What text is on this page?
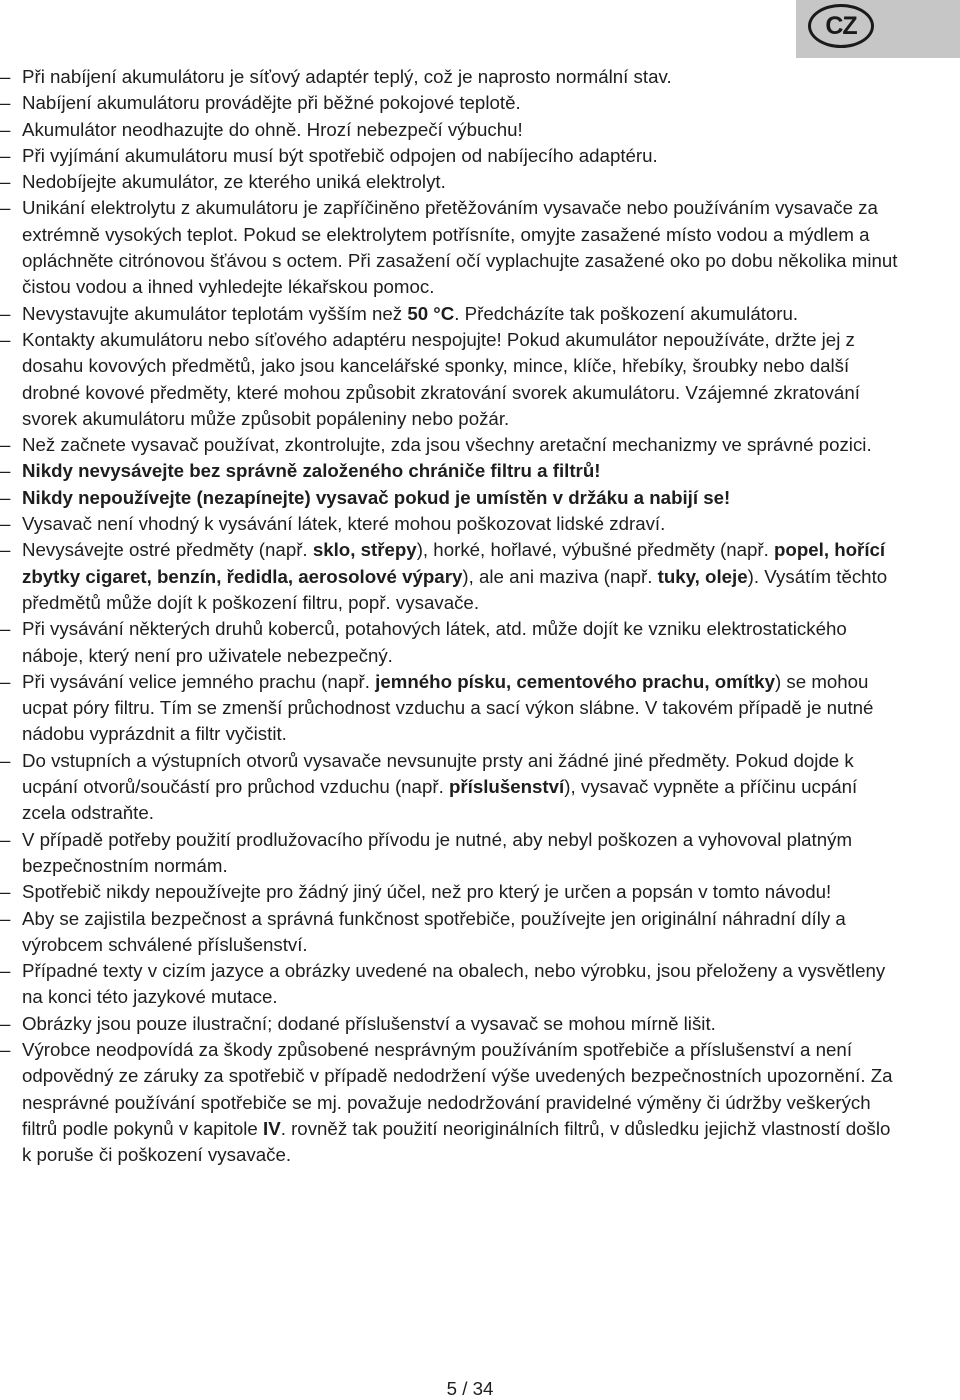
CZ
– Při nabíjení akumulátoru je síťový adaptér teplý, což je naprosto normální stav.
– Nabíjení akumulátoru provádějte při běžné pokojové teplotě.
– Akumulátor neodhazujte do ohně. Hrozí nebezpečí výbuchu!
– Při vyjímání akumulátoru musí být spotřebič odpojen od nabíjecího adaptéru.
– Nedobíjejte akumulátor, ze kterého uniká elektrolyt.
– Unikání elektrolytu z akumulátoru je zapříčiněno přetěžováním vysavače nebo používáním vysavače za extrémně vysokých teplot. Pokud se elektrolytem potřísníte, omyjte zasažené místo vodou a mýdlem a opláchněte citrónovou šťávou s octem. Při zasažení očí vyplachujte zasažené oko po dobu několika minut čistou vodou a ihned vyhledejte lékařskou pomoc.
– Nevystavujte akumulátor teplotám vyšším než 50 °C. Předcházíte tak poškození akumulátoru.
– Kontakty akumulátoru nebo síťového adaptéru nespojujte! Pokud akumulátor nepoužíváte, držte jej z dosahu kovových předmětů, jako jsou kancelářské sponky, mince, klíče, hřebíky, šroubky nebo další drobné kovové předměty, které mohou způsobit zkratování svorek akumulátoru. Vzájemné zkratování svorek akumulátoru může způsobit popáleniny nebo požár.
– Než začnete vysavač používat, zkontrolujte, zda jsou všechny aretační mechanizmy ve správné pozici.
– Nikdy nevysávejte bez správně založeného chrániče filtru a filtrů!
– Nikdy nepoužívejte (nezapínejte) vysavač pokud je umístěn v držáku a nabijí se!
– Vysavač není vhodný k vysávání látek, které mohou poškozovat lidské zdraví.
– Nevysávejte ostré předměty (např. sklo, střepy), horké, hořlavé, výbušné předměty (např. popel, hořící zbytky cigaret, benzín, ředidla, aerosolové výpary), ale ani maziva (např. tuky, oleje). Vysátím těchto předmětů může dojít k poškození filtru, popř. vysavače.
– Při vysávání některých druhů koberců, potahových látek, atd. může dojít ke vzniku elektrostatického náboje, který není pro uživatele nebezpečný.
– Při vysávání velice jemného prachu (např. jemného písku, cementového prachu, omítky) se mohou ucpat póry filtru. Tím se zmenší průchodnost vzduchu a sací výkon slábne. V takovém případě je nutné nádobu vyprázdnit a filtr vyčistit.
– Do vstupních a výstupních otvorů vysavače nevsunujte prsty ani žádné jiné předměty. Pokud dojde k ucpání otvorů/součástí pro průchod vzduchu (např. příslušenství), vysavač vypněte a příčinu ucpání zcela odstraňte.
– V případě potřeby použití prodlužovacího přívodu je nutné, aby nebyl poškozen a vyhovoval platným bezpečnostním normám.
– Spotřebič nikdy nepoužívejte pro žádný jiný účel, než pro který je určen a popsán v tomto návodu!
– Aby se zajistila bezpečnost a správná funkčnost spotřebiče, používejte jen originální náhradní díly a výrobcem schválené příslušenství.
– Případné texty v cizím jazyce a obrázky uvedené na obalech, nebo výrobku, jsou přeloženy a vysvětleny na konci této jazykové mutace.
– Obrázky jsou pouze ilustrační; dodané příslušenství a vysavač se mohou mírně lišit.
– Výrobce neodpovídá za škody způsobené nesprávným používáním spotřebiče a příslušenství a není odpovědný ze záruky za spotřebič v případě nedodržení výše uvedených bezpečnostních upozornění. Za nesprávné používání spotřebiče se mj. považuje nedodržování pravidelné výměny či údržby veškerých filtrů podle pokynů v kapitole IV. rovněž tak použití neoriginálních filtrů, v důsledku jejichž vlastností došlo k poruše či poškození vysavače.
5 / 34
